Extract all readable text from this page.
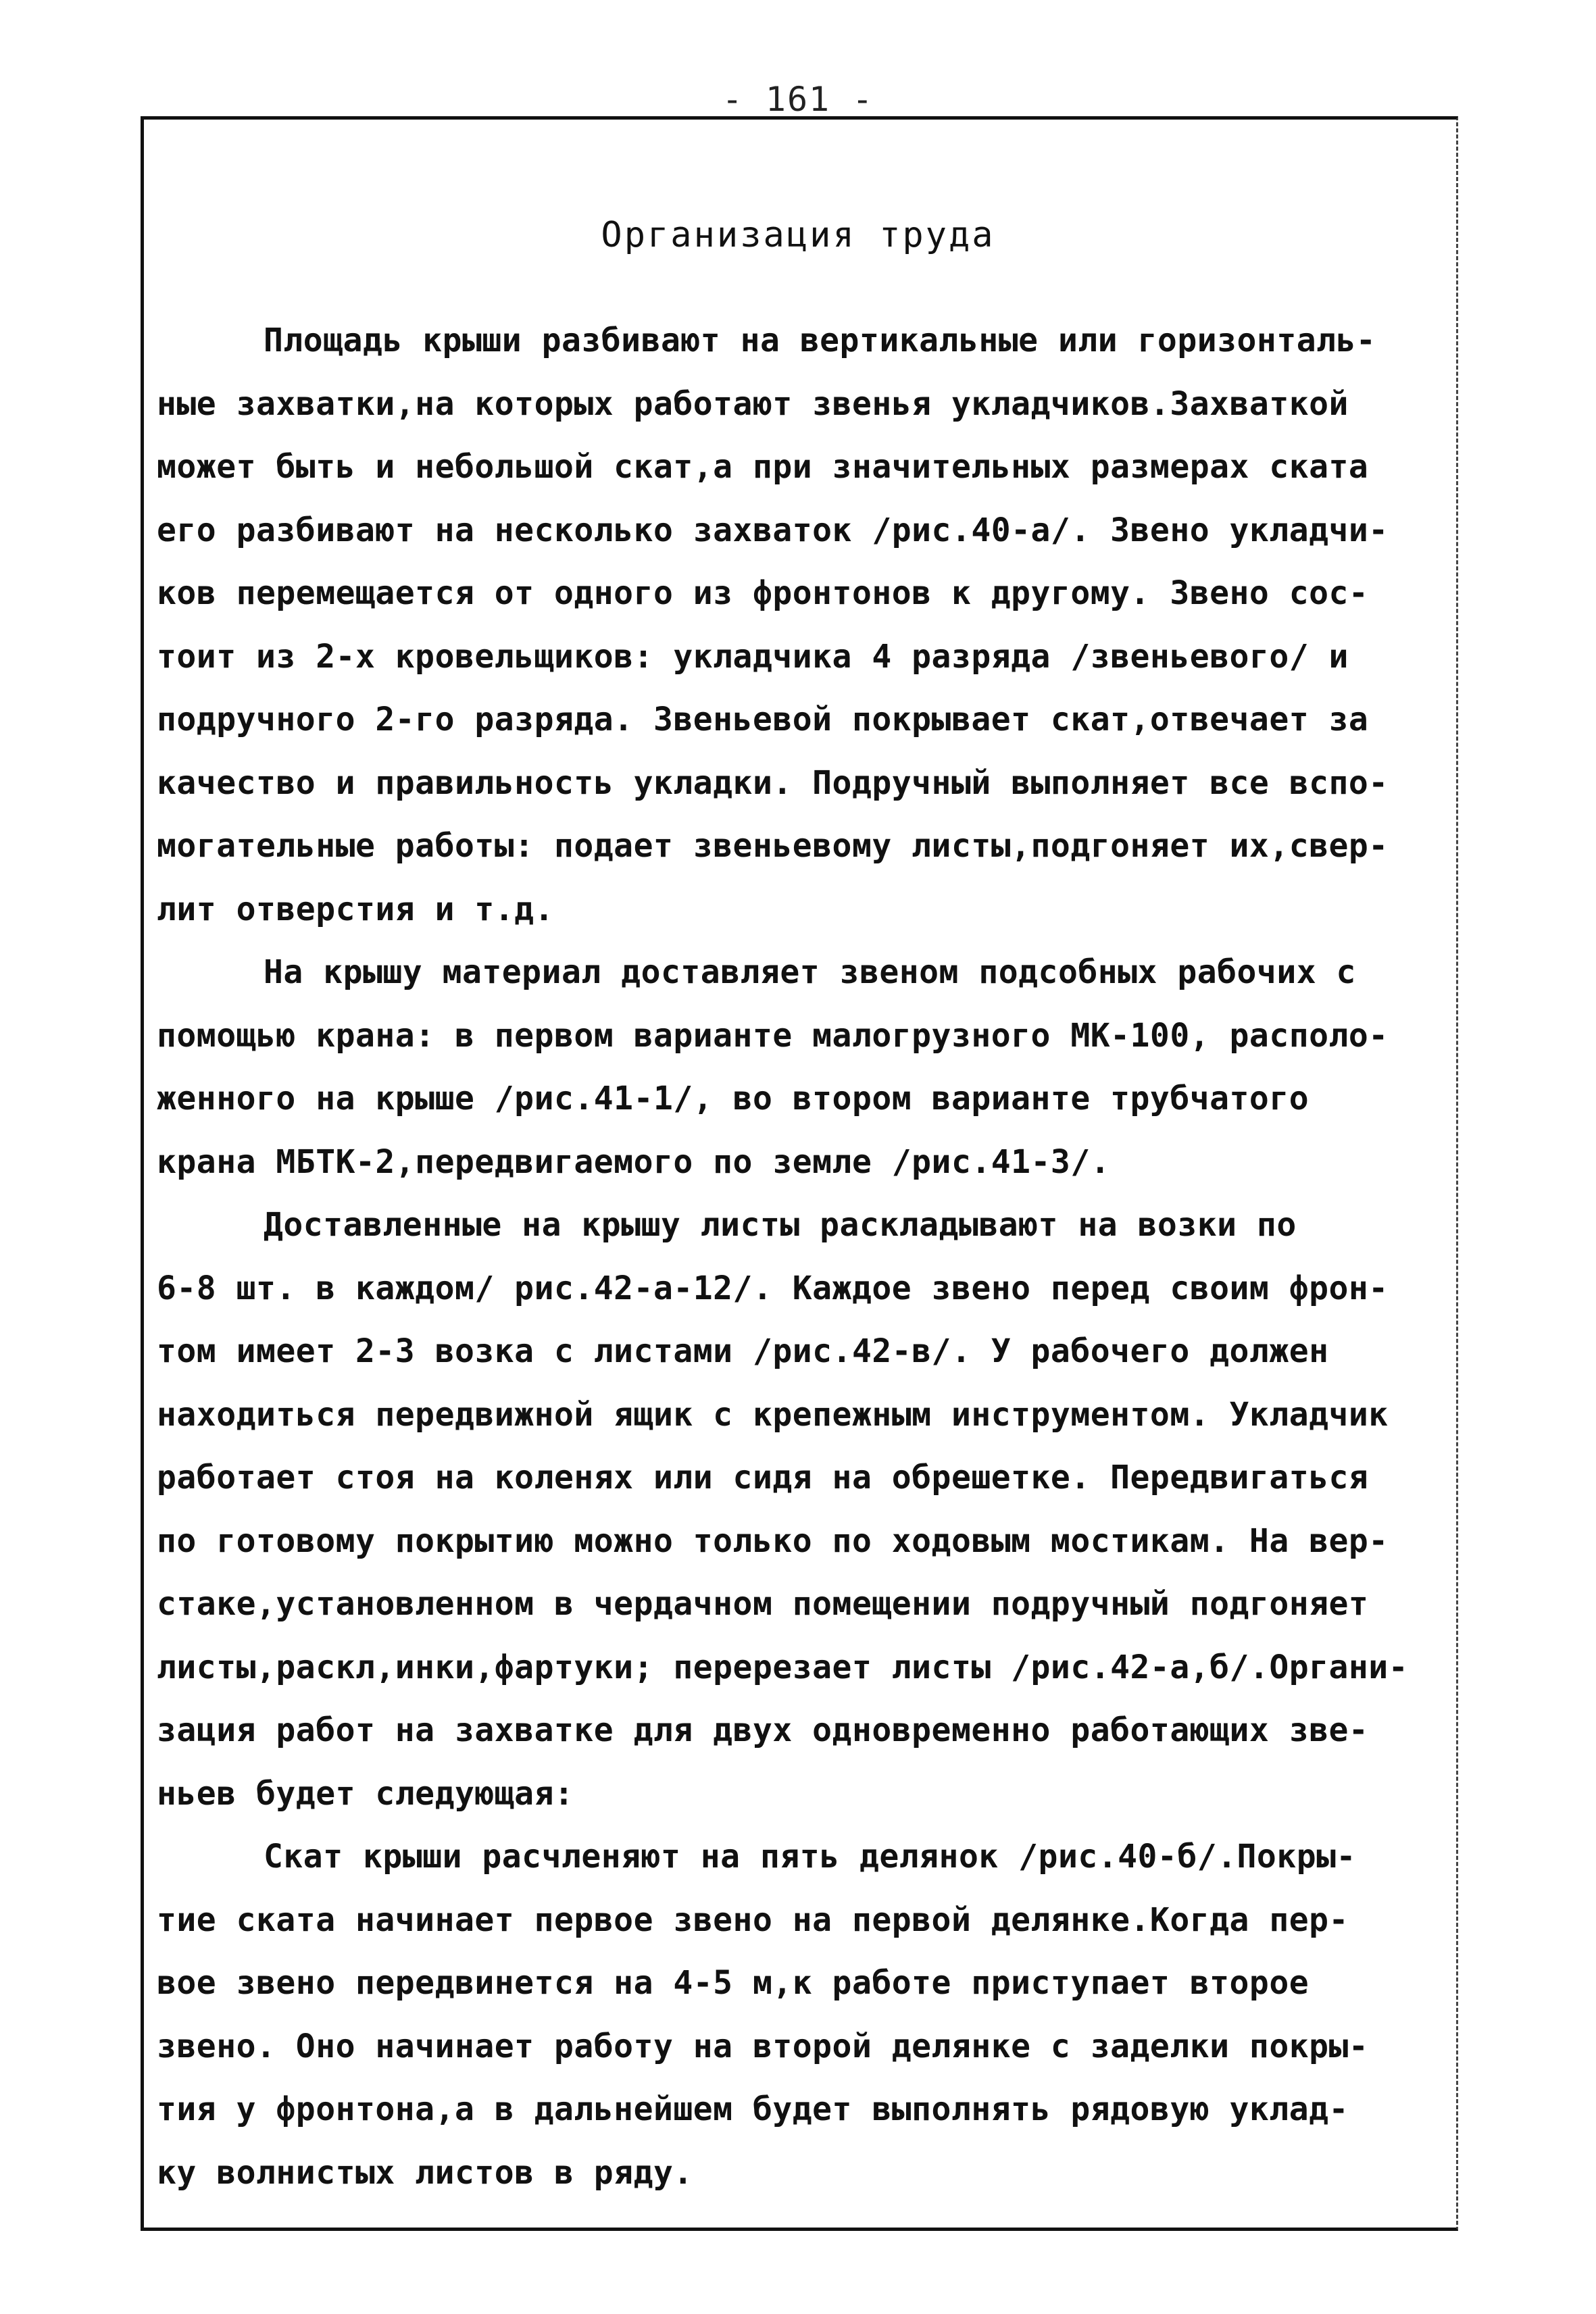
- 161 -
Организация труда
Площадь крыши разбивают на вертикальные или горизонталь-
ные захватки,на которых работают звенья укладчиков.Захваткой
может быть и небольшой скат,а при значительных размерах ската
его разбивают на несколько захваток /рис.40-а/. Звено укладчи-
ков перемещается от одного из фронтонов к другому. Звено сос-
тоит из 2-х кровельщиков: укладчика 4 разряда /звеньевого/ и
подручного 2-го разряда. Звеньевой покрывает скат,отвечает за
качество и правильность укладки. Подручный выполняет все вспо-
могательные работы: подает звеньевому листы,подгоняет их,свер-
лит отверстия и т.д.
На крышу материал доставляет звеном подсобных рабочих с
помощью крана: в первом варианте малогрузного МК-100, располо-
женного на крыше /рис.41-1/, во втором варианте трубчатого
крана МБТК-2,передвигаемого по земле /рис.41-3/.
Доставленные на крышу листы раскладывают на возки по
6-8 шт. в каждом/ рис.42-а-12/. Каждое звено перед своим фрон-
том имеет 2-3 возка с листами /рис.42-в/. У рабочего должен
находиться передвижной ящик с крепежным инструментом. Укладчик
работает стоя на коленях или сидя на обрешетке. Передвигаться
по готовому покрытию можно только по ходовым мостикам. На вер-
стаке,установленном в чердачном помещении подручный подгоняет
листы,раскл,инки,фартуки; перерезает листы /рис.42-а,б/.Органи-
зация работ на захватке для двух одновременно работающих зве-
ньев будет следующая:
Скат крыши расчленяют на пять делянок /рис.40-б/.Покры-
тие ската начинает первое звено на первой делянке.Когда пер-
вое звено передвинется на 4-5 м,к работе приступает второе
звено. Оно начинает работу на второй делянке с заделки покры-
тия у фронтона,а в дальнейшем будет выполнять рядовую уклад-
ку волнистых листов в ряду.
